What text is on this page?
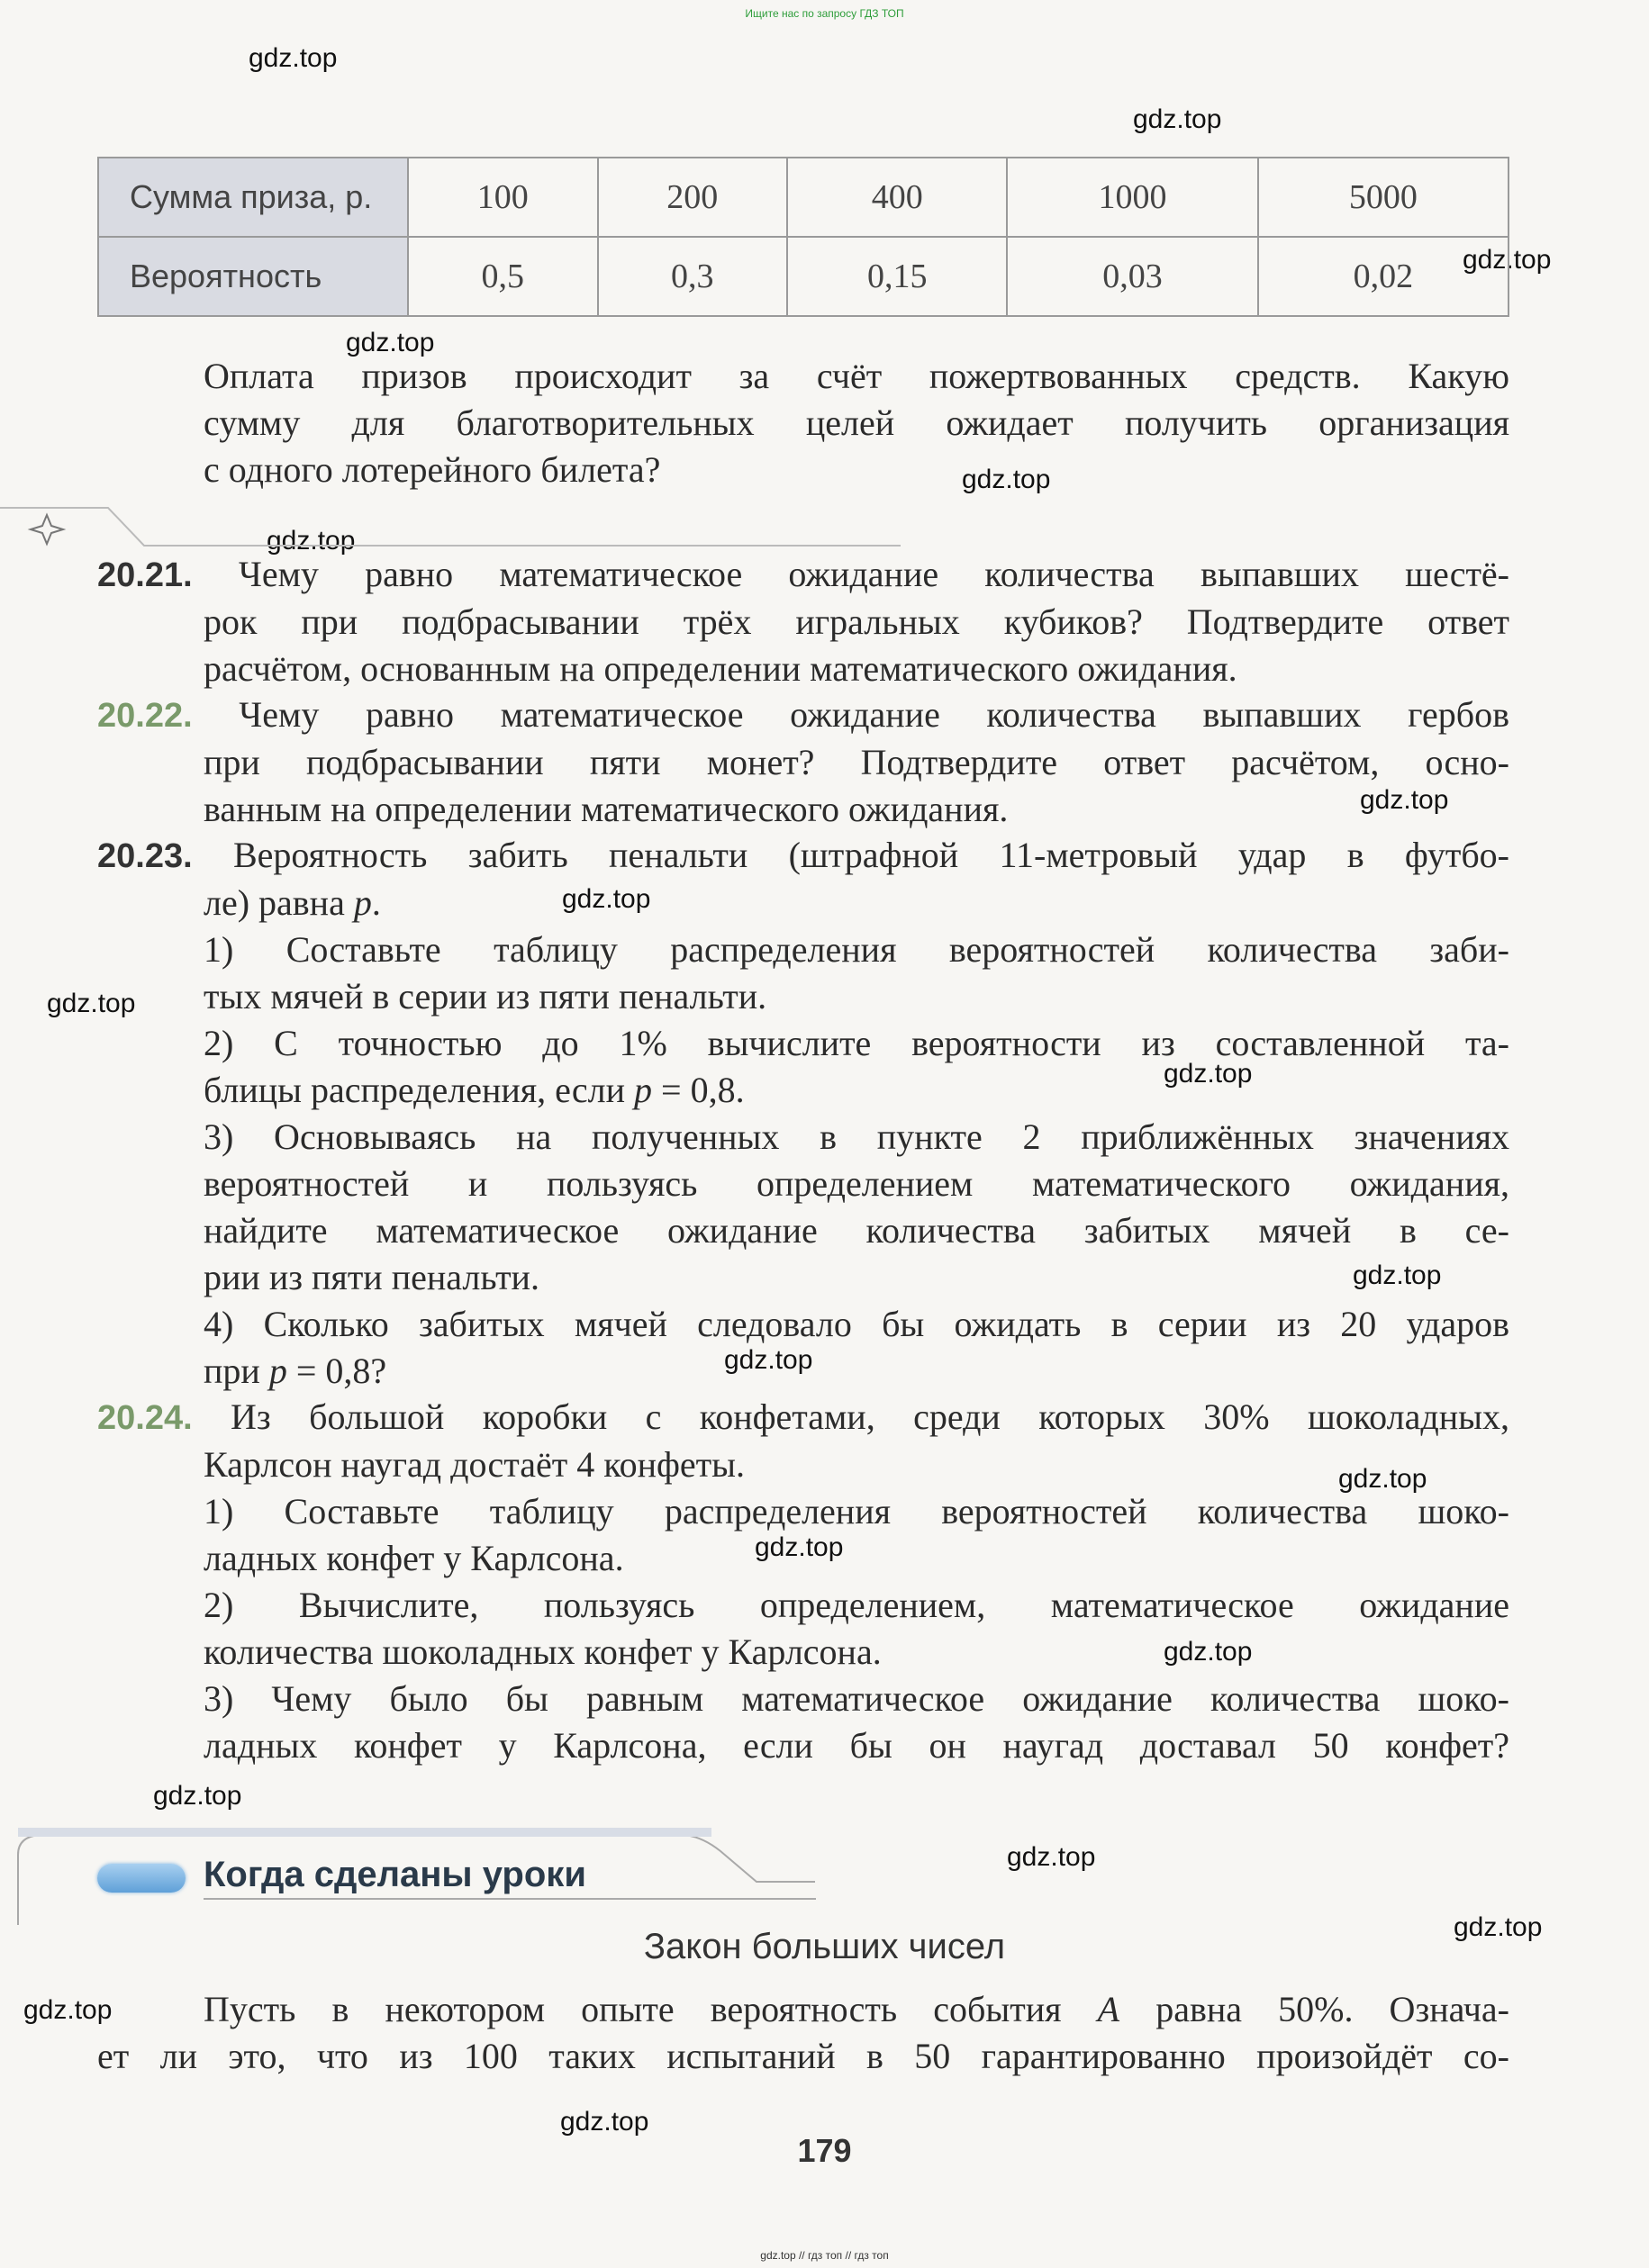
Ищите нас по запросу ГДЗ ТОП
gdz.top
gdz.top
gdz.top
gdz.top
gdz.top
gdz.top
gdz.top
gdz.top
gdz.top
gdz.top
gdz.top
gdz.top
gdz.top
gdz.top
gdz.top
gdz.top
gdz.top
gdz.top
gdz.top
gdz.top
Сумма приза, р.	100	200	400	1000	5000
Вероятность	0,5	0,3	0,15	0,03	0,02
Оплата призов происходит за счёт пожертвованных средств. Какую
сумму для благотворительных целей ожидает получить организация
с одного лотерейного билета?
20.21. Чему равно математическое ожидание количества выпавших шестё-
рок при подбрасывании трёх игральных кубиков? Подтвердите ответ
расчётом, основанным на определении математического ожидания.
20.22. Чему равно математическое ожидание количества выпавших гербов
при подбрасывании пяти монет? Подтвердите ответ расчётом, осно-
ванным на определении математического ожидания.
20.23. Вероятность забить пенальти (штрафной 11-метровый удар в футбо-
ле) равна p.
1) Составьте таблицу распределения вероятностей количества заби-
тых мячей в серии из пяти пенальти.
2) С точностью до 1% вычислите вероятности из составленной та-
блицы распределения, если p = 0,8.
3) Основываясь на полученных в пункте 2 приближённых значениях
вероятностей и пользуясь определением математического ожидания,
найдите математическое ожидание количества забитых мячей в се-
рии из пяти пенальти.
4) Сколько забитых мячей следовало бы ожидать в серии из 20 ударов
при p = 0,8?
20.24. Из большой коробки с конфетами, среди которых 30% шоколадных,
Карлсон наугад достаёт 4 конфеты.
1) Составьте таблицу распределения вероятностей количества шоко-
ладных конфет у Карлсона.
2) Вычислите, пользуясь определением, математическое ожидание
количества шоколадных конфет у Карлсона.
3) Чему было бы равным математическое ожидание количества шоко-
ладных конфет у Карлсона, если бы он наугад доставал 50 конфет?
Когда сделаны уроки
Закон больших чисел
Пусть в некотором опыте вероятность события A равна 50%. Означа-
ет ли это, что из 100 таких испытаний в 50 гарантированно произойдёт со-
179
gdz.top // гдз топ // гдз топ
